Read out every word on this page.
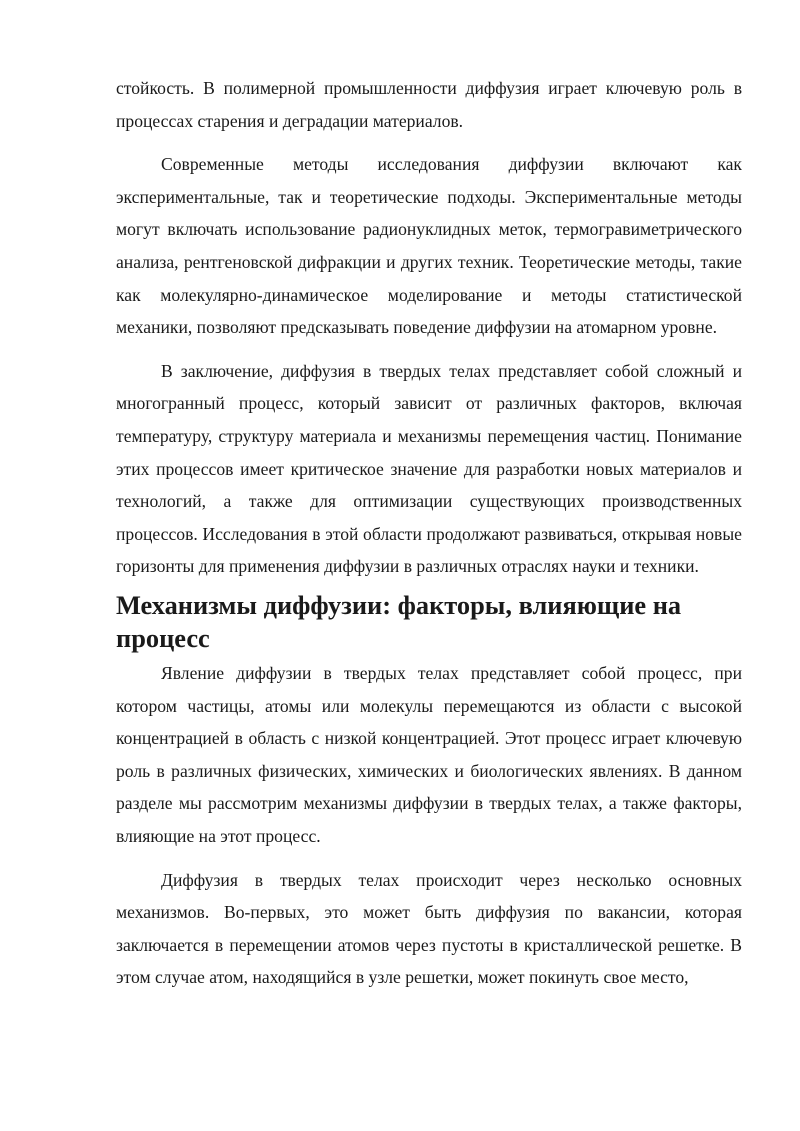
стойкость. В полимерной промышленности диффузия играет ключевую роль в процессах старения и деградации материалов.

Современные методы исследования диффузии включают как экспериментальные, так и теоретические подходы. Экспериментальные методы могут включать использование радионуклидных меток, термогравиметрического анализа, рентгеновской дифракции и других техник. Теоретические методы, такие как молекулярно-динамическое моделирование и методы статистической механики, позволяют предсказывать поведение диффузии на атомарном уровне.

В заключение, диффузия в твердых телах представляет собой сложный и многогранный процесс, который зависит от различных факторов, включая температуру, структуру материала и механизмы перемещения частиц. Понимание этих процессов имеет критическое значение для разработки новых материалов и технологий, а также для оптимизации существующих производственных процессов. Исследования в этой области продолжают развиваться, открывая новые горизонты для применения диффузии в различных отраслях науки и техники.

Механизмы диффузии: факторы, влияющие на процесс

Явление диффузии в твердых телах представляет собой процесс, при котором частицы, атомы или молекулы перемещаются из области с высокой концентрацией в область с низкой концентрацией. Этот процесс играет ключевую роль в различных физических, химических и биологических явлениях. В данном разделе мы рассмотрим механизмы диффузии в твердых телах, а также факторы, влияющие на этот процесс.

Диффузия в твердых телах происходит через несколько основных механизмов. Во-первых, это может быть диффузия по вакансии, которая заключается в перемещении атомов через пустоты в кристаллической решетке. В этом случае атом, находящийся в узле решетки, может покинуть свое место,
